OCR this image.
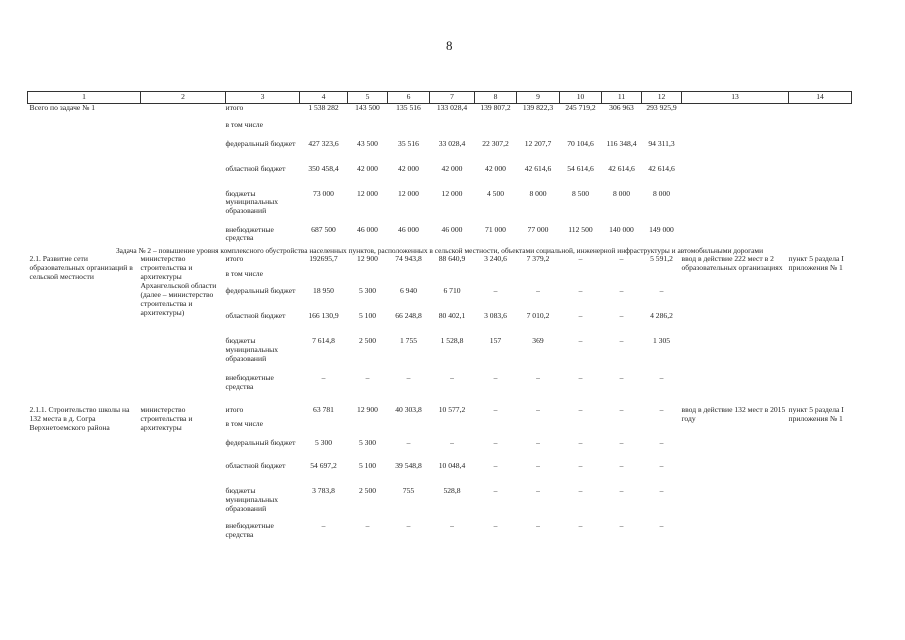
8
1	2	3	4	5	6	7	8	9	10	11	12	13	14
Всего по задаче № 1		итого	1 538 282	143 500	135 516	133 028,4	139 807,2	139 822,3	245 719,2	306 963	293 925,9		
		в том числе											
		федеральный бюджет	427 323,6	43 500	35 516	33 028,4	22 307,2	12 207,7	70 104,6	116 348,4	94 311,3		
		областной бюджет	350 458,4	42 000	42 000	42 000	42 000	42 614,6	54 614,6	42 614,6	42 614,6		
		бюджеты муниципальных образований	73 000	12 000	12 000	12 000	4 500	8 000	8 500	8 000	8 000		
		внебюджетные средства	687 500	46 000	46 000	46 000	71 000	77 000	112 500	140 000	149 000		
Задача № 2 – повышение уровня комплексного обустройства населенных пунктов, расположенных в сельской местности, объектами социальной, инженерной инфраструктуры и автомобильными дорогами													
2.1. Развитие сети образовательных организаций в сельской местности	министерство строительства и архитектуры Архангельской области (далее – министерство строительства и архитектуры)	итого	192695,7	12 900	74 943,8	88 640,9	3 240,6	7 379,2	–	–	5 591,2	ввод в действие 222 мест в 2 образовательных организациях	пункт 5 раздела I приложения № 1
		в том числе											
		федеральный бюджет	18 950	5 300	6 940	6 710	–	–	–	–	–		
		областной бюджет	166 130,9	5 100	66 248,8	80 402,1	3 083,6	7 010,2	–	–	4 286,2		
		бюджеты муниципальных образований	7 614,8	2 500	1 755	1 528,8	157	369	–	–	1 305		
		внебюджетные средства	–	–	–	–	–	–	–	–	–		

2.1.1. Строительство школы на 132 места в д. Согра Верхнетоемского района	министерство строительства и архитектуры	итого	63 781	12 900	40 303,8	10 577,2	–	–	–	–	–	ввод в действие 132 мест в 2015 году	пункт 5 раздела I приложения № 1
		в том числе											
		федеральный бюджет	5 300	5 300	–	–	–	–	–	–	–		
		областной бюджет	54 697,2	5 100	39 548,8	10 048,4	–	–	–	–	–		
		бюджеты муниципальных образований	3 783,8	2 500	755	528,8	–	–	–	–	–		
		внебюджетные средства	–	–	–	–	–	–	–	–	–		
